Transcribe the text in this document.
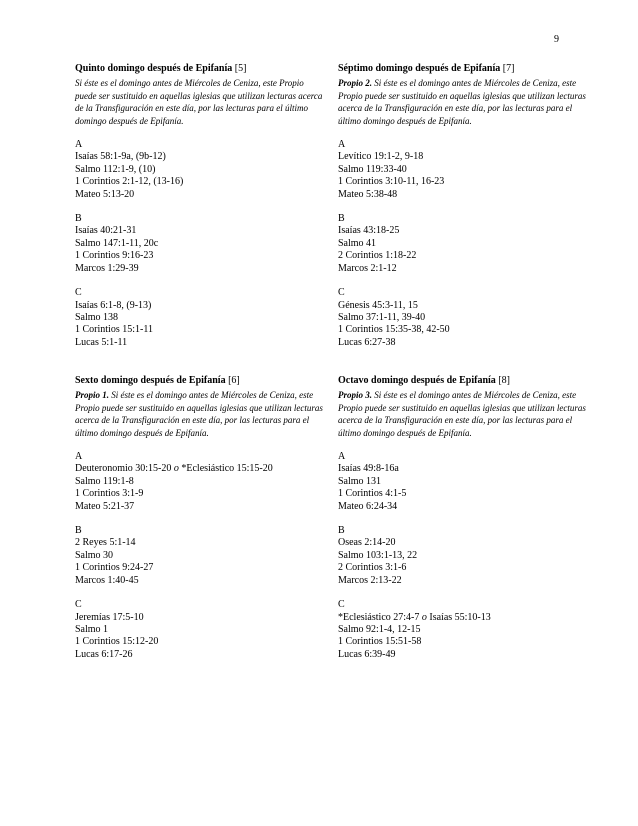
9
Quinto domingo después de Epifanía [5]
Si éste es el domingo antes de Miércoles de Ceniza, este Propio puede ser sustituido en aquellas iglesias que utilizan lecturas acerca de la Transfiguración en este día, por las lecturas para el último domingo después de Epifanía.
A
Isaías 58:1-9a, (9b-12)
Salmo 112:1-9, (10)
1 Corintios 2:1-12, (13-16)
Mateo 5:13-20
B
Isaías 40:21-31
Salmo 147:1-11, 20c
1 Corintios 9:16-23
Marcos 1:29-39
C
Isaías 6:1-8, (9-13)
Salmo 138
1 Corintios 15:1-11
Lucas 5:1-11
Séptimo domingo después de Epifanía [7]
Propio 2. Si éste es el domingo antes de Miércoles de Ceniza, este Propio puede ser sustituido en aquellas iglesias que utilizan lecturas acerca de la Transfiguración en este día, por las lecturas para el último domingo después de Epifanía.
A
Levítico 19:1-2, 9-18
Salmo 119:33-40
1 Corintios 3:10-11, 16-23
Mateo 5:38-48
B
Isaías 43:18-25
Salmo 41
2 Corintios 1:18-22
Marcos 2:1-12
C
Génesis 45:3-11, 15
Salmo 37:1-11, 39-40
1 Corintios 15:35-38, 42-50
Lucas 6:27-38
Sexto domingo después de Epifanía [6]
Propio 1. Si éste es el domingo antes de Miércoles de Ceniza, este Propio puede ser sustituido en aquellas iglesias que utilizan lecturas acerca de la Transfiguración en este día, por las lecturas para el último domingo después de Epifanía.
A
Deuteronomio 30:15-20 o *Eclesiástico 15:15-20
Salmo 119:1-8
1 Corintios 3:1-9
Mateo 5:21-37
B
2 Reyes 5:1-14
Salmo 30
1 Corintios 9:24-27
Marcos 1:40-45
C
Jeremías 17:5-10
Salmo 1
1 Corintios 15:12-20
Lucas 6:17-26
Octavo domingo después de Epifanía [8]
Propio 3. Si éste es el domingo antes de Miércoles de Ceniza, este Propio puede ser sustituido en aquellas iglesias que utilizan lecturas acerca de la Transfiguración en este día, por las lecturas para el último domingo después de Epifanía.
A
Isaías 49:8-16a
Salmo 131
1 Corintios 4:1-5
Mateo 6:24-34
B
Oseas 2:14-20
Salmo 103:1-13, 22
2 Corintios 3:1-6
Marcos 2:13-22
C
*Eclesiástico 27:4-7 o Isaías 55:10-13
Salmo 92:1-4, 12-15
1 Corintios 15:51-58
Lucas 6:39-49
